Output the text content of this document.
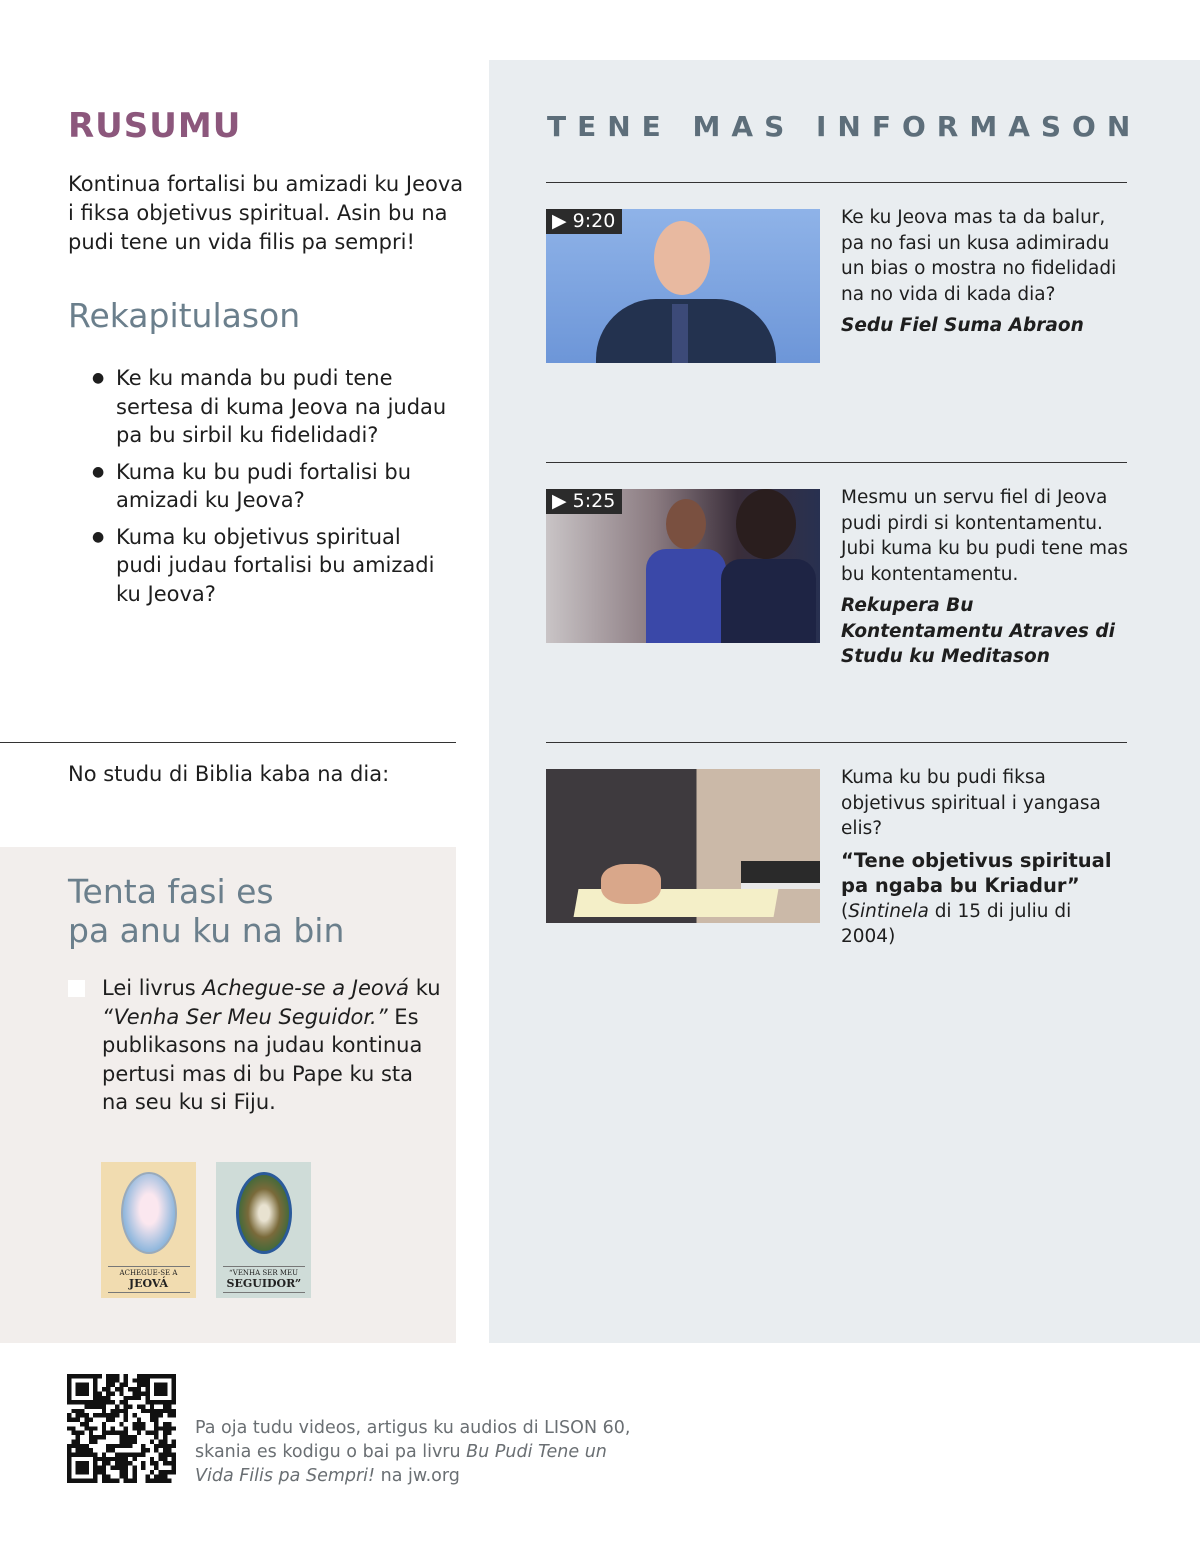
RUSUMU
Kontinua fortalisi bu amizadi ku Jeova i fiksa objetivus spiritual. Asin bu na pudi tene un vida filis pa sempri!
Rekapitulason
● Ke ku manda bu pudi tene sertesa di kuma Jeova na judau pa bu sirbil ku fidelidadi?
● Kuma ku bu pudi fortalisi bu amizadi ku Jeova?
● Kuma ku objetivus spiritual pudi judau fortalisi bu amizadi ku Jeova?
No studu di Biblia kaba na dia:
Tenta fasi es
pa anu ku na bin
Lei livrus Achegue-se a Jeová ku “Venha Ser Meu Seguidor.” Es publikasons na judau kontinua pertusi mas di bu Pape ku sta na seu ku si Fiju.
ACHEGUE-SE A
JEOVÁ
“VENHA SER MEU
SEGUIDOR”
TENE MAS INFORMASON
▶ 9:20	Ke ku Jeova mas ta da balur, pa no fasi un kusa adimiradu un bias o mostra no fidelidadi na no vida di kada dia?
Sedu Fiel Suma Abraon
▶ 5:25	Mesmu un servu fiel di Jeova pudi pirdi si kontentamentu. Jubi kuma ku bu pudi tene mas bu kontentamentu.
Rekupera Bu Kontentamentu Atraves di Studu ku Meditason
Kuma ku bu pudi fiksa objetivus spiritual i yangasa elis?
“Tene objetivus spiritual pa ngaba bu Kriadur”
(Sintinela di 15 di juliu di 2004)
Pa oja tudu videos, artigus ku audios di LISON 60, skania es kodigu o bai pa livru Bu Pudi Tene un Vida Filis pa Sempri! na jw.org
